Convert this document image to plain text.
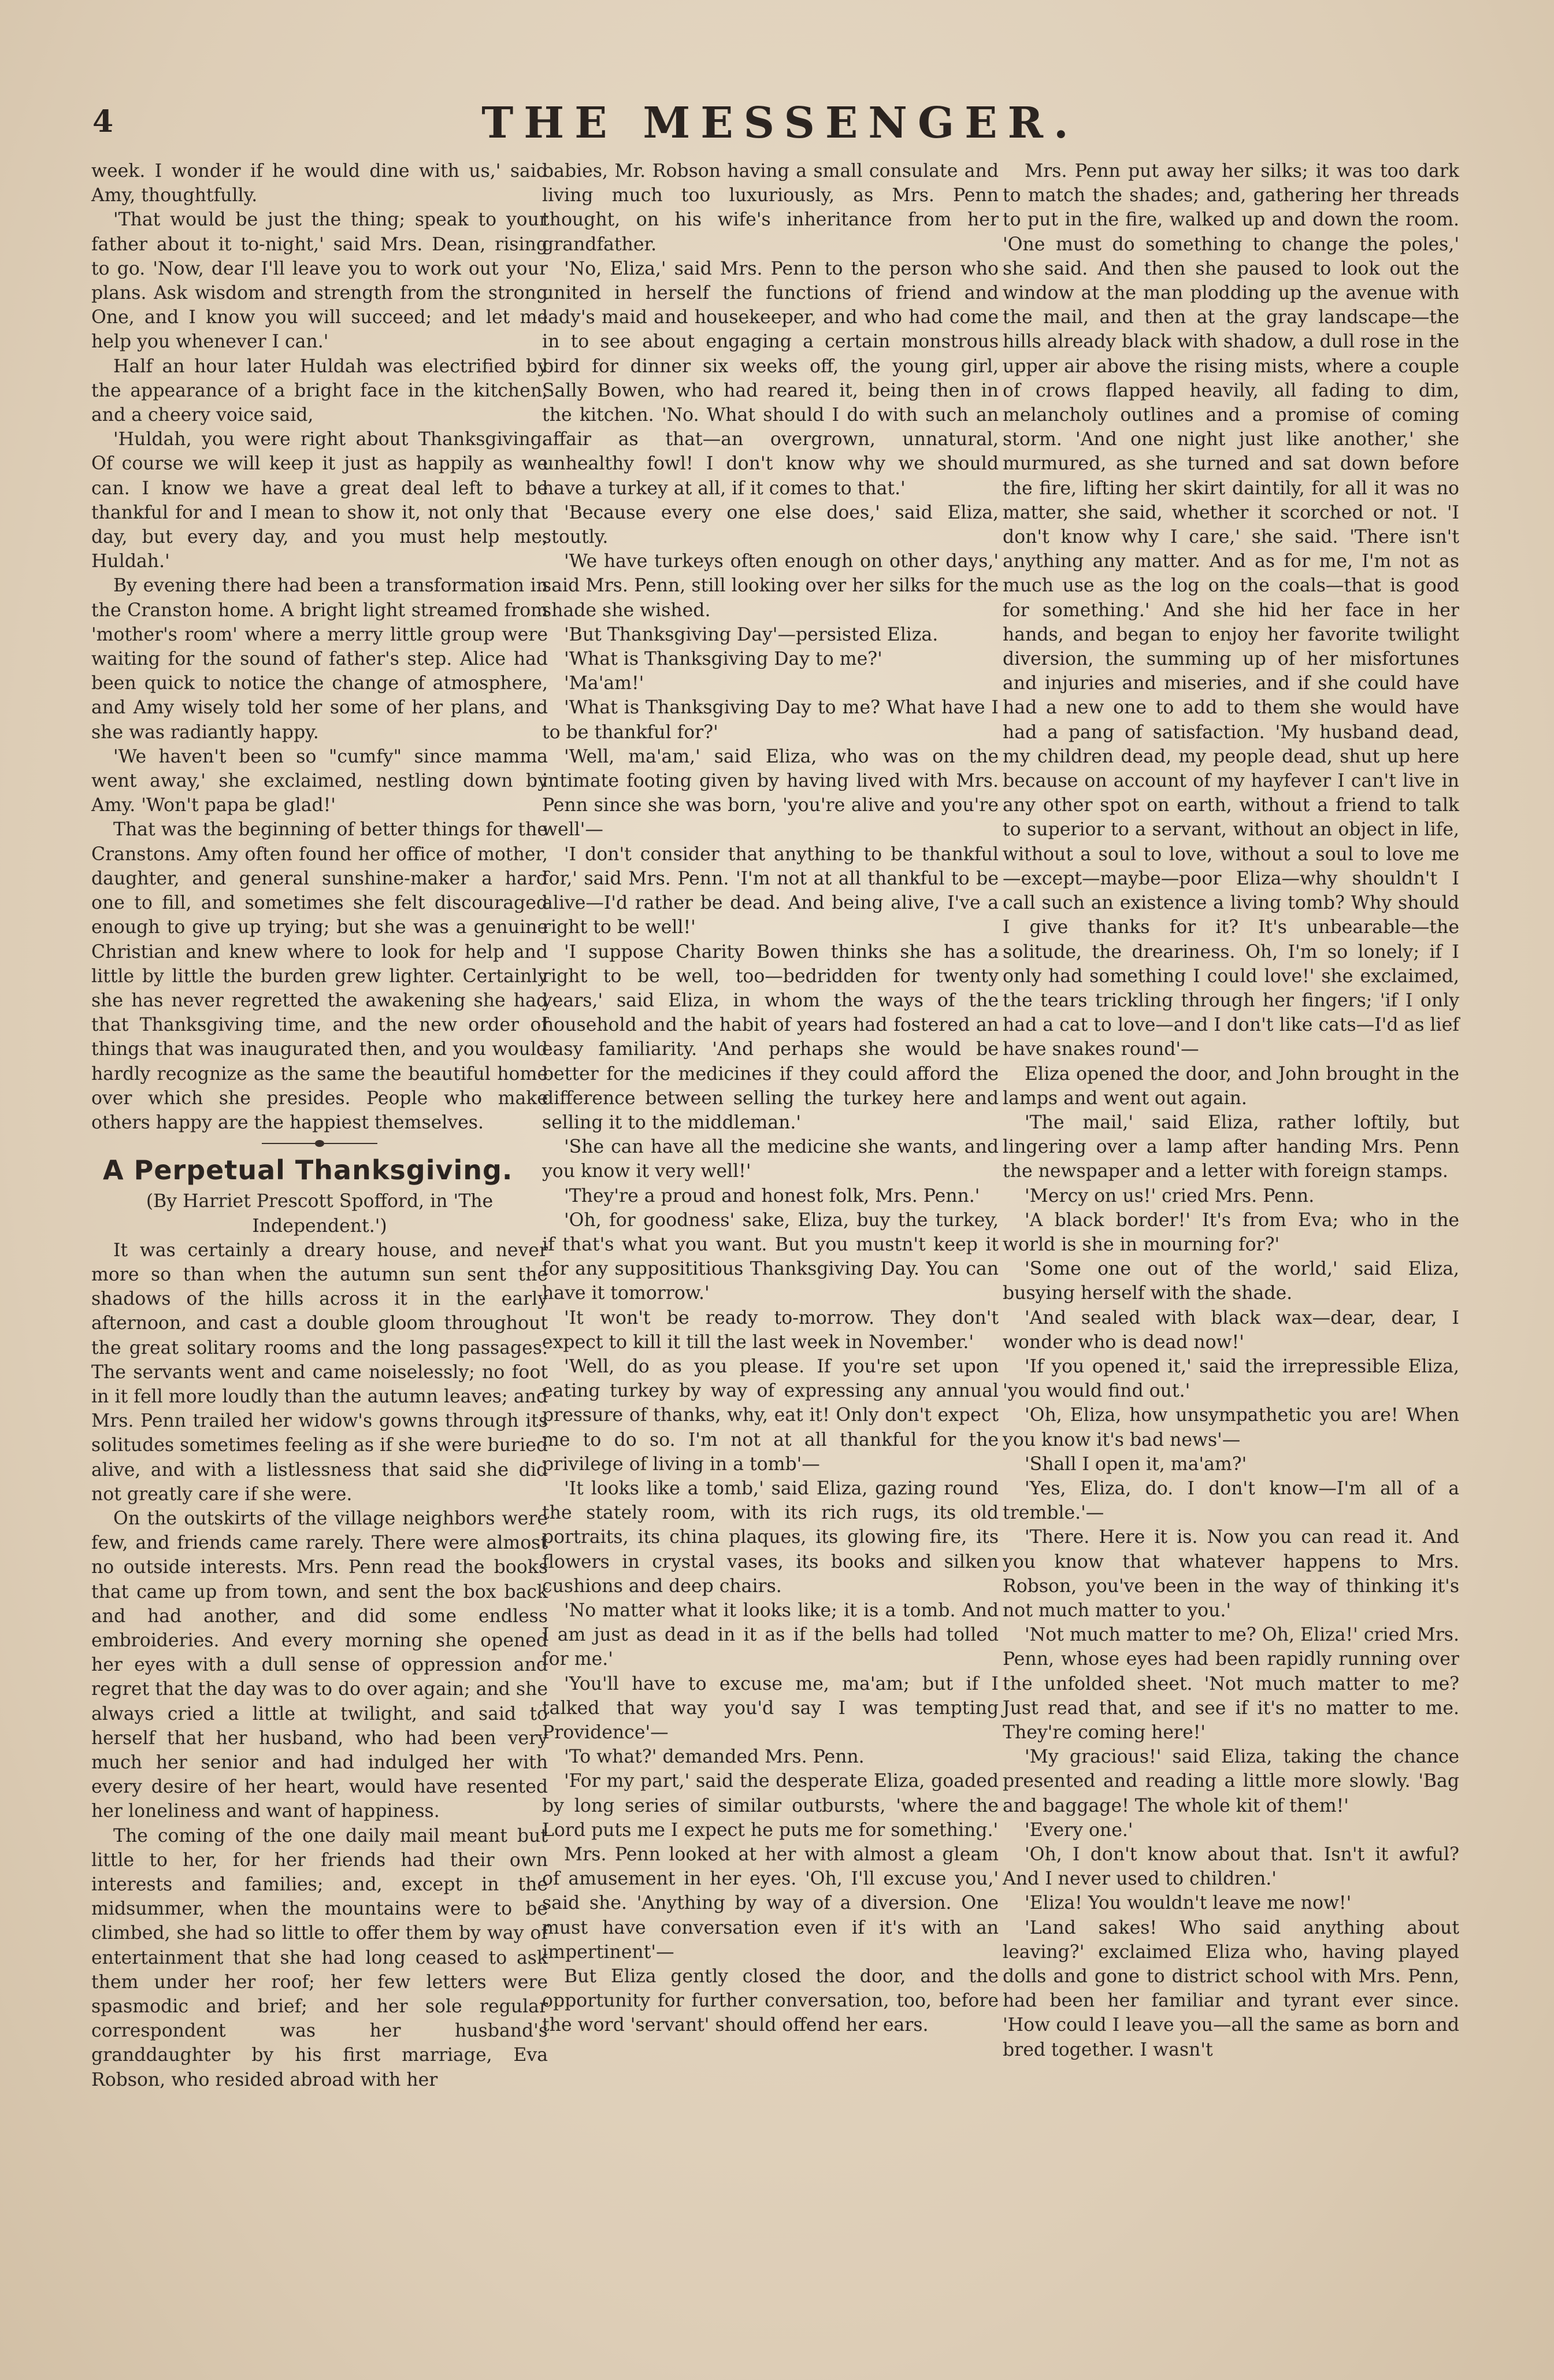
4	THE MESSENGER.

week. I wonder if he would dine with us,' said Amy, thoughtfully.

'That would be just the thing; speak to your father about it to-night,' said Mrs. Dean, rising to go. 'Now, dear I'll leave you to work out your plans. Ask wisdom and strength from the strong One, and I know you will succeed; and let me help you whenever I can.'

Half an hour later Huldah was electrified by the appearance of a bright face in the kitchen, and a cheery voice said,

'Huldah, you were right about Thanksgiving. Of course we will keep it just as happily as we can. I know we have a great deal left to be thankful for and I mean to show it, not only that day, but every day, and you must help me, Huldah.'

By evening there had been a transformation in the Cranston home. A bright light streamed from 'mother's room' where a merry little group were waiting for the sound of father's step. Alice had been quick to notice the change of atmosphere, and Amy wisely told her some of her plans, and she was radiantly happy.

'We haven't been so "cumfy" since mamma went away,' she exclaimed, nestling down by Amy. 'Won't papa be glad!'

That was the beginning of better things for the Cranstons. Amy often found her office of mother, daughter, and general sunshine-maker a hard one to fill, and sometimes she felt discouraged enough to give up trying; but she was a genuine Christian and knew where to look for help and little by little the burden grew lighter. Certainly she has never regretted the awakening she had that Thanksgiving time, and the new order of things that was inaugurated then, and you would hardly recognize as the same the beautiful home over which she presides. People who make others happy are the happiest themselves.

A Perpetual Thanksgiving.

(By Harriet Prescott Spofford, in 'The Independent.')

It was certainly a dreary house, and never more so than when the autumn sun sent the shadows of the hills across it in the early afternoon, and cast a double gloom throughout the great solitary rooms and the long passages. The servants went and came noiselessly; no foot in it fell more loudly than the autumn leaves; and Mrs. Penn trailed her widow's gowns through its solitudes sometimes feeling as if she were buried alive, and with a listlessness that said she did not greatly care if she were.

On the outskirts of the village neighbors were few, and friends came rarely. There were almost no outside interests. Mrs. Penn read the books that came up from town, and sent the box back and had another, and did some endless embroideries. And every morning she opened her eyes with a dull sense of oppression and regret that the day was to do over again; and she always cried a little at twilight, and said to herself that her husband, who had been very much her senior and had indulged her with every desire of her heart, would have resented her loneliness and want of happiness.

The coming of the one daily mail meant but little to her, for her friends had their own interests and families; and, except in the midsummer, when the mountains were to be climbed, she had so little to offer them by way of entertainment that she had long ceased to ask them under her roof; her few letters were spasmodic and brief; and her sole regular correspondent was her husband's granddaughter by his first marriage, Eva Robson, who resided abroad with her

babies, Mr. Robson having a small consulate and living much too luxuriously, as Mrs. Penn thought, on his wife's inheritance from her grandfather.

'No, Eliza,' said Mrs. Penn to the person who united in herself the functions of friend and lady's maid and housekeeper, and who had come in to see about engaging a certain monstrous bird for dinner six weeks off, the young girl, Sally Bowen, who had reared it, being then in the kitchen. 'No. What should I do with such an affair as that—an overgrown, unnatural, unhealthy fowl! I don't know why we should have a turkey at all, if it comes to that.'

'Because every one else does,' said Eliza, stoutly.

'We have turkeys often enough on other days,' said Mrs. Penn, still looking over her silks for the shade she wished.

'But Thanksgiving Day'—persisted Eliza.

'What is Thanksgiving Day to me?'

'Ma'am!'

'What is Thanksgiving Day to me? What have I to be thankful for?'

'Well, ma'am,' said Eliza, who was on the intimate footing given by having lived with Mrs. Penn since she was born, 'you're alive and you're well'—

'I don't consider that anything to be thankful for,' said Mrs. Penn. 'I'm not at all thankful to be alive—I'd rather be dead. And being alive, I've a right to be well!'

'I suppose Charity Bowen thinks she has a right to be well, too—bedridden for twenty years,' said Eliza, in whom the ways of the household and the habit of years had fostered an easy familiarity. 'And perhaps she would be better for the medicines if they could afford the difference between selling the turkey here and selling it to the middleman.'

'She can have all the medicine she wants, and you know it very well!'

'They're a proud and honest folk, Mrs. Penn.'

'Oh, for goodness' sake, Eliza, buy the turkey, if that's what you want. But you mustn't keep it for any supposititious Thanksgiving Day. You can have it tomorrow.'

'It won't be ready to-morrow. They don't expect to kill it till the last week in November.'

'Well, do as you please. If you're set upon eating turkey by way of expressing any annual pressure of thanks, why, eat it! Only don't expect me to do so. I'm not at all thankful for the privilege of living in a tomb'—

'It looks like a tomb,' said Eliza, gazing round the stately room, with its rich rugs, its old portraits, its china plaques, its glowing fire, its flowers in crystal vases, its books and silken cushions and deep chairs.

'No matter what it looks like; it is a tomb. And I am just as dead in it as if the bells had tolled for me.'

'You'll have to excuse me, ma'am; but if I talked that way you'd say I was tempting Providence'—

'To what?' demanded Mrs. Penn.

'For my part,' said the desperate Eliza, goaded by long series of similar outbursts, 'where the Lord puts me I expect he puts me for something.'

Mrs. Penn looked at her with almost a gleam of amusement in her eyes. 'Oh, I'll excuse you,' said she. 'Anything by way of a diversion. One must have conversation even if it's with an impertinent'—

But Eliza gently closed the door, and the opportunity for further conversation, too, before the word 'servant' should offend her ears.

Mrs. Penn put away her silks; it was too dark to match the shades; and, gathering her threads to put in the fire, walked up and down the room. 'One must do something to change the poles,' she said. And then she paused to look out the window at the man plodding up the avenue with the mail, and then at the gray landscape—the hills already black with shadow, a dull rose in the upper air above the rising mists, where a couple of crows flapped heavily, all fading to dim, melancholy outlines and a promise of coming storm. 'And one night just like another,' she murmured, as she turned and sat down before the fire, lifting her skirt daintily, for all it was no matter, she said, whether it scorched or not. 'I don't know why I care,' she said. 'There isn't anything any matter. And as for me, I'm not as much use as the log on the coals—that is good for something.' And she hid her face in her hands, and began to enjoy her favorite twilight diversion, the summing up of her misfortunes and injuries and miseries, and if she could have had a new one to add to them she would have had a pang of satisfaction. 'My husband dead, my children dead, my people dead, shut up here because on account of my hayfever I can't live in any other spot on earth, without a friend to talk to superior to a servant, without an object in life, without a soul to love, without a soul to love me—except—maybe—poor Eliza—why shouldn't I call such an existence a living tomb? Why should I give thanks for it? It's unbearable—the solitude, the dreariness. Oh, I'm so lonely; if I only had something I could love!' she exclaimed, the tears trickling through her fingers; 'if I only had a cat to love—and I don't like cats—I'd as lief have snakes round'—

Eliza opened the door, and John brought in the lamps and went out again.

'The mail,' said Eliza, rather loftily, but lingering over a lamp after handing Mrs. Penn the newspaper and a letter with foreign stamps.

'Mercy on us!' cried Mrs. Penn.

'A black border!' It's from Eva; who in the world is she in mourning for?'

'Some one out of the world,' said Eliza, busying herself with the shade.

'And sealed with black wax—dear, dear, I wonder who is dead now!'

'If you opened it,' said the irrepressible Eliza, 'you would find out.'

'Oh, Eliza, how unsympathetic you are! When you know it's bad news'—

'Shall I open it, ma'am?'

'Yes, Eliza, do. I don't know—I'm all of a tremble.'—

'There. Here it is. Now you can read it. And you know that whatever happens to Mrs. Robson, you've been in the way of thinking it's not much matter to you.'

'Not much matter to me? Oh, Eliza!' cried Mrs. Penn, whose eyes had been rapidly running over the unfolded sheet. 'Not much matter to me? Just read that, and see if it's no matter to me. They're coming here!'

'My gracious!' said Eliza, taking the chance presented and reading a little more slowly. 'Bag and baggage! The whole kit of them!'

'Every one.'

'Oh, I don't know about that. Isn't it awful? And I never used to children.'

'Eliza! You wouldn't leave me now!'

'Land sakes! Who said anything about leaving?' exclaimed Eliza who, having played dolls and gone to district school with Mrs. Penn, had been her familiar and tyrant ever since. 'How could I leave you—all the same as born and bred together. I wasn't
